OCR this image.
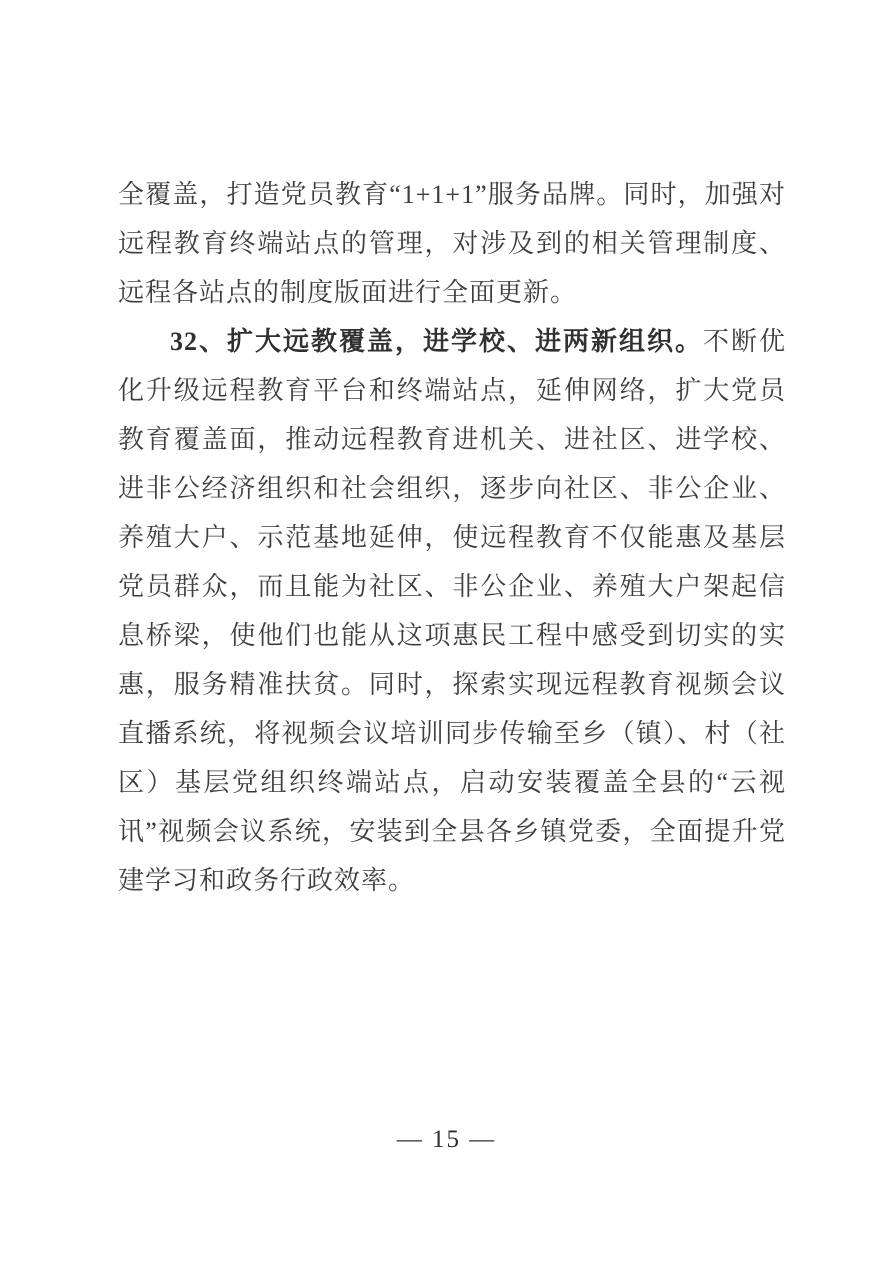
全覆盖，打造党员教育“1+1+1”服务品牌。同时，加强对远程教育终端站点的管理，对涉及到的相关管理制度、远程各站点的制度版面进行全面更新。

32、扩大远教覆盖，进学校、进两新组织。不断优化升级远程教育平台和终端站点，延伸网络，扩大党员教育覆盖面，推动远程教育进机关、进社区、进学校、进非公经济组织和社会组织，逐步向社区、非公企业、养殖大户、示范基地延伸，使远程教育不仅能惠及基层党员群众，而且能为社区、非公企业、养殖大户架起信息桥梁，使他们也能从这项惠民工程中感受到切实的实惠，服务精准扶贫。同时，探索实现远程教育视频会议直播系统，将视频会议培训同步传输至乡（镇）、村（社区）基层党组织终端站点，启动安装覆盖全县的“云视讯”视频会议系统，安装到全县各乡镇党委，全面提升党建学习和政务行政效率。

— 15 —
